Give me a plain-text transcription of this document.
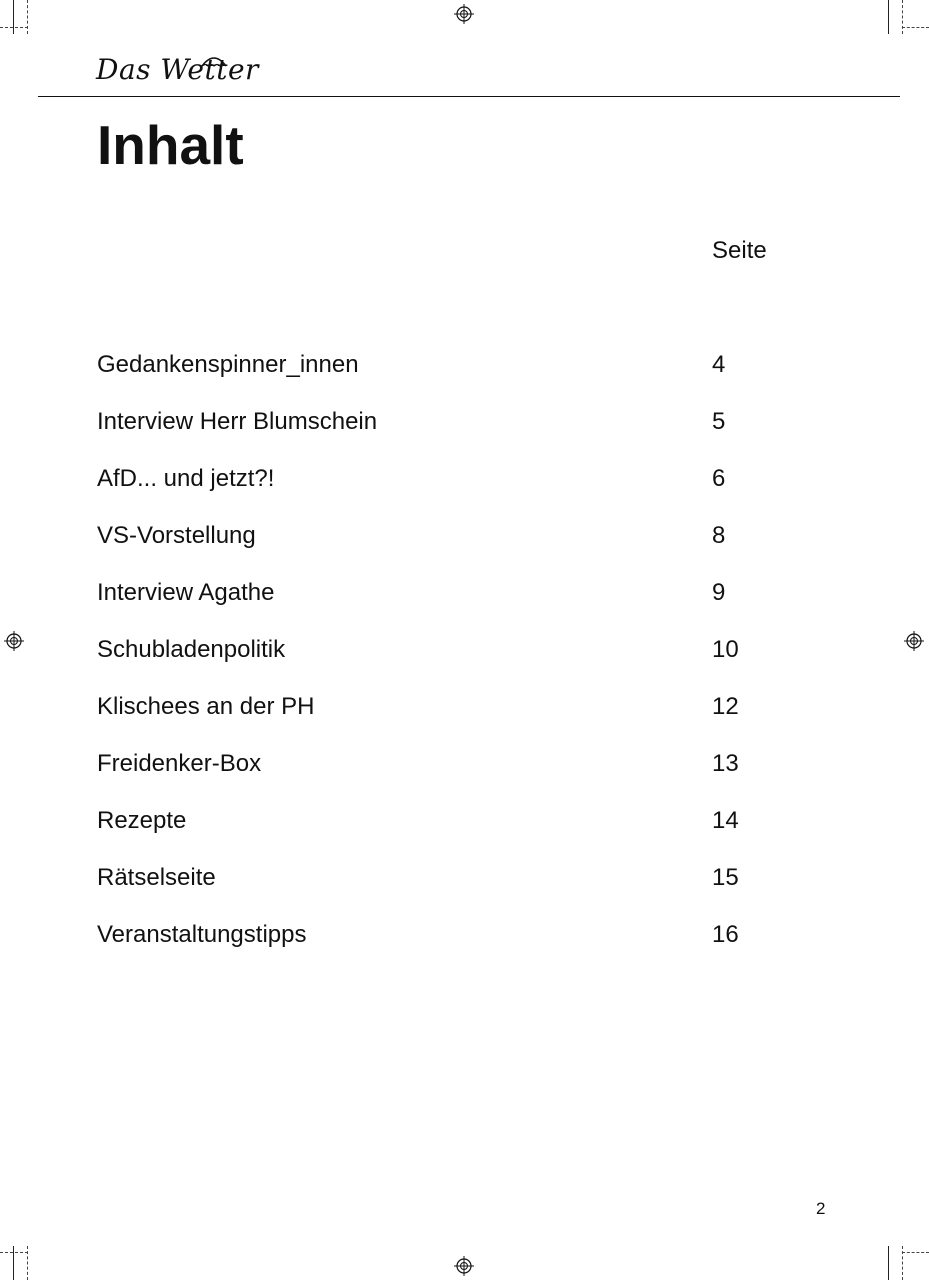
Das Wetter
Inhalt
Seite
Gedankenspinner_innen	4
Interview Herr Blumschein	5
AfD... und jetzt?!	6
VS-Vorstellung	8
Interview Agathe	9
Schubladenpolitik	10
Klischees an der PH	12
Freidenker-Box	13
Rezepte	14
Rätselseite	15
Veranstaltungstipps	16
2
